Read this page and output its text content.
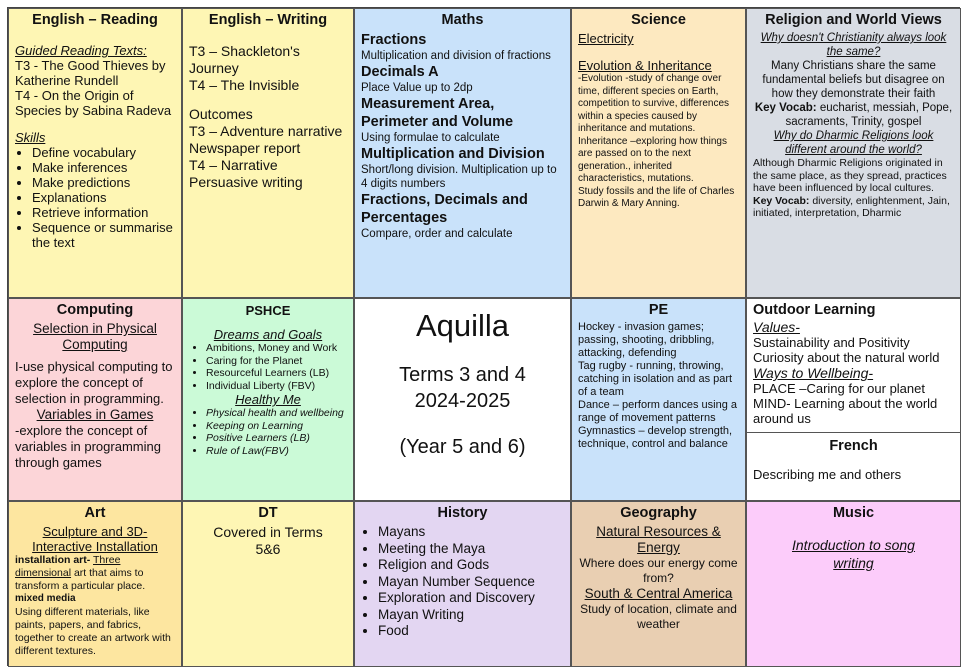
English – Reading

Guided Reading Texts:

T3 - The Good Thieves by Katherine Rundell

T4 - On the Origin of Species by Sabina Radeva

Skills

• Define vocabulary
• Make inferences
• Make predictions
• Explanations
• Retrieve information
• Sequence or summarise the text
English – Writing

T3 – Shackleton's Journey

T4 – The Invisible

Outcomes

T3 – Adventure narrative

Newspaper report

T4 – Narrative

Persuasive writing

Maths

Fractions

Multiplication and division of fractions

Decimals A

Place Value up to 2dp

Measurement Area, Perimeter and Volume

Using formulae to calculate

Multiplication and Division

Short/long division. Multiplication up to 4 digits numbers

Fractions, Decimals and Percentages

Compare, order and calculate

Science

Electricity

Evolution & Inheritance

-Evolution -study of change over time, different species on Earth, competition to survive, differences within a species caused by inheritance and mutations.

Inheritance –exploring how things are passed on to the next generation., inherited characteristics, mutations.

Study fossils and the life of Charles Darwin & Mary Anning.

Religion and World Views

Why doesn't Christianity always look the same?

Many Christians share the same fundamental beliefs but disagree on how they demonstrate their faith

Key Vocab: eucharist, messiah, Pope, sacraments, Trinity, gospel

Why do Dharmic Religions look different around the world?

Although Dharmic Religions originated in the same place, as they spread, practices have been influenced by local cultures.

Key Vocab: diversity, enlightenment, Jain, initiated, interpretation, Dharmic

Computing

Selection in Physical Computing

I-use physical computing to explore the concept of selection in programming.

Variables in Games

-explore the concept of variables in programming through games

PSHCE

Dreams and Goals

• Ambitions, Money and Work
• Caring for the Planet
• Resourceful Learners (LB)
• Individual Liberty (FBV)

Healthy Me

• Physical health and wellbeing
• Keeping on Learning
• Positive Learners (LB)
• Rule of Law(FBV)

Aquilla

Terms 3 and 4

2024-2025

(Year 5 and 6)

PE

Hockey - invasion games; passing, shooting, dribbling, attacking, defending

Tag rugby - running, throwing, catching in isolation and as part of a team

Dance – perform dances using a range of movement patterns

Gymnastics – develop strength, technique, control and balance

Outdoor Learning

Values-

Sustainability and Positivity

Curiosity about the natural world

Ways to Wellbeing-

PLACE –Caring for our planet

MIND- Learning about the world around us

French

Describing me and others

Art

Sculpture and 3D-Interactive Installation

installation art- Three dimensional art that aims to transform a particular place.

mixed media

Using different materials, like paints, papers, and fabrics, together to create an artwork with different textures.

DT

Covered in Terms 5&6

History
• Mayans
• Meeting the Maya
• Religion and Gods
• Mayan Number Sequence
• Exploration and Discovery
• Mayan Writing
• Food
Geography

Natural Resources & Energy

Where does our energy come from?

South & Central America

Study of location, climate and weather

Music

Introduction to song writing
